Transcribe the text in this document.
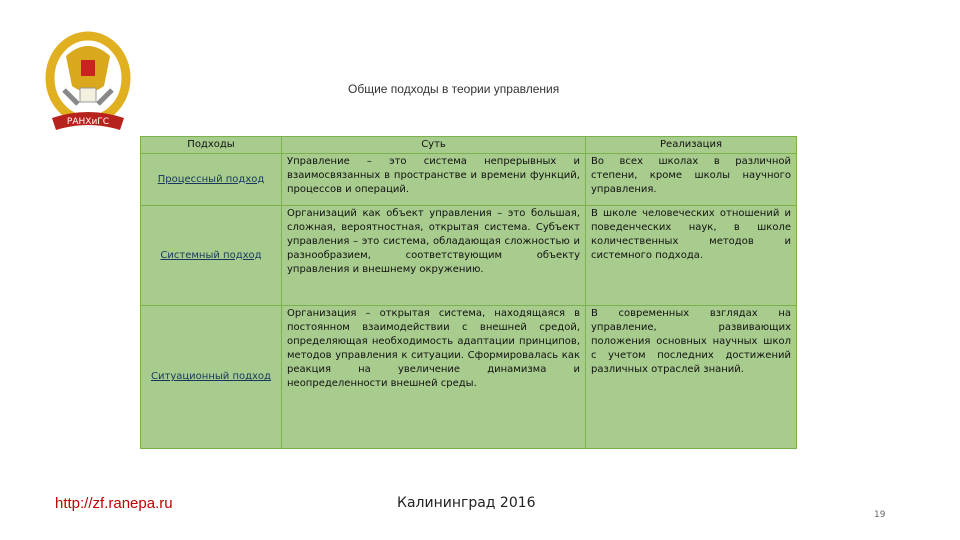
РАНХиГС
Общие подходы в теории управления
Подходы	Суть	Реализация
Процессный подход	Управление – это система непрерывных и взаимосвязанных в пространстве и времени функций, процессов и операций.	Во всех школах в различной степени, кроме школы научного управления.
Системный подход	Организаций как объект управления – это большая, сложная, вероятностная, открытая система. Субъект управления – это система, обладающая сложностью и разнообразием, соответствующим объекту управления и внешнему окружению.	В школе человеческих отношений и поведенческих наук, в школе количественных методов и системного подхода.
Ситуационный подход	Организация – открытая система, находящаяся в постоянном взаимодействии с внешней средой, определяющая необходимость адаптации принципов, методов управления к ситуации. Сформировалась как реакция на увеличение динамизма и неопределенности внешней среды.	В современных взглядах на управление, развивающих положения основных научных школ с учетом последних достижений различных отраслей знаний.
http://zf.ranepa.ru	Калининград 2016
19
